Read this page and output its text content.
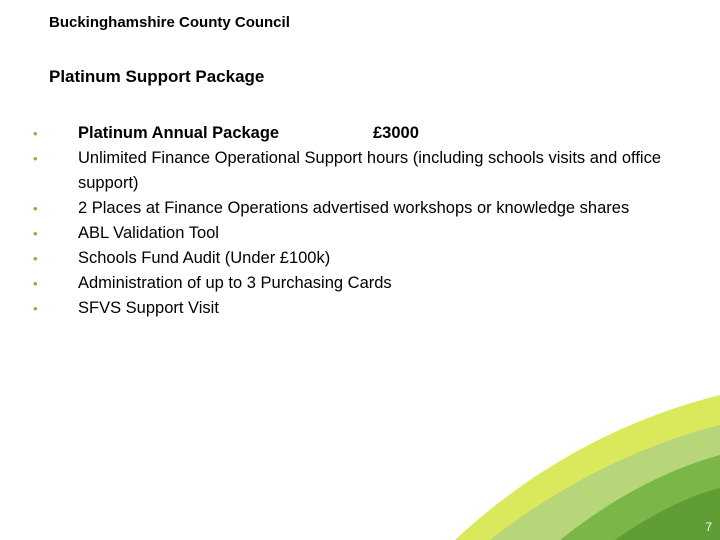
Buckinghamshire County Council
Platinum Support Package
• Platinum Annual Package	£3000
• Unlimited Finance Operational Support hours (including schools visits and office support)
• 2 Places at Finance Operations advertised workshops or knowledge shares
• ABL Validation Tool
• Schools Fund Audit (Under £100k)
• Administration of up to 3 Purchasing Cards
• SFVS Support Visit
7
